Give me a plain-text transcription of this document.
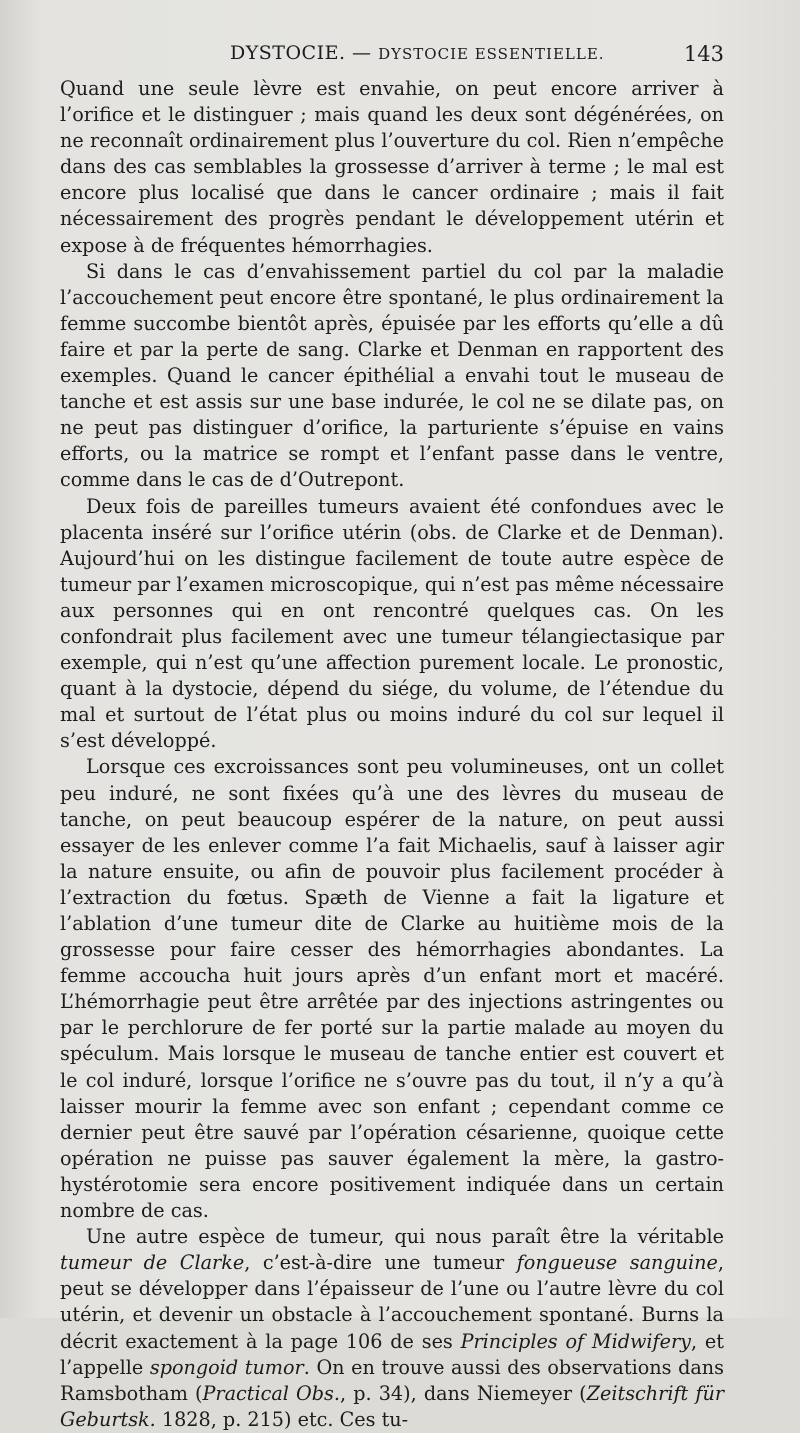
DYSTOCIE. — DYSTOCIE ESSENTIELLE.	143

Quand une seule lèvre est envahie, on peut encore arriver à l’orifice et le distinguer ; mais quand les deux sont dégénérées, on ne reconnaît ordinairement plus l’ouverture du col. Rien n’empêche dans des cas semblables la grossesse d’arriver à terme ; le mal est encore plus localisé que dans le cancer ordinaire ; mais il fait nécessairement des progrès pendant le développement utérin et expose à de fréquentes hémorrhagies.

Si dans le cas d’envahissement partiel du col par la maladie l’accouchement peut encore être spontané, le plus ordinairement la femme succombe bientôt après, épuisée par les efforts qu’elle a dû faire et par la perte de sang. Clarke et Denman en rapportent des exemples. Quand le cancer épithélial a envahi tout le museau de tanche et est assis sur une base indurée, le col ne se dilate pas, on ne peut pas distinguer d’orifice, la parturiente s’épuise en vains efforts, ou la matrice se rompt et l’enfant passe dans le ventre, comme dans le cas de d’Outrepont.

Deux fois de pareilles tumeurs avaient été confondues avec le placenta inséré sur l’orifice utérin (obs. de Clarke et de Denman). Aujourd’hui on les distingue facilement de toute autre espèce de tumeur par l’examen microscopique, qui n’est pas même nécessaire aux personnes qui en ont rencontré quelques cas. On les confondrait plus facilement avec une tumeur télangiectasique par exemple, qui n’est qu’une affection purement locale. Le pronostic, quant à la dystocie, dépend du siége, du volume, de l’étendue du mal et surtout de l’état plus ou moins induré du col sur lequel il s’est développé.

Lorsque ces excroissances sont peu volumineuses, ont un collet peu induré, ne sont fixées qu’à une des lèvres du museau de tanche, on peut beaucoup espérer de la nature, on peut aussi essayer de les enlever comme l’a fait Michaelis, sauf à laisser agir la nature ensuite, ou afin de pouvoir plus facilement procéder à l’extraction du fœtus. Spæth de Vienne a fait la ligature et l’ablation d’une tumeur dite de Clarke au huitième mois de la grossesse pour faire cesser des hémorrhagies abondantes. La femme accoucha huit jours après d’un enfant mort et macéré. L’hémorrhagie peut être arrêtée par des injections astringentes ou par le perchlorure de fer porté sur la partie malade au moyen du spéculum. Mais lorsque le museau de tanche entier est couvert et le col induré, lorsque l’orifice ne s’ouvre pas du tout, il n’y a qu’à laisser mourir la femme avec son enfant ; cependant comme ce dernier peut être sauvé par l’opération césarienne, quoique cette opération ne puisse pas sauver également la mère, la gastro-hystérotomie sera encore positivement indiquée dans un certain nombre de cas.

Une autre espèce de tumeur, qui nous paraît être la véritable tumeur de Clarke, c’est-à-dire une tumeur fongueuse sanguine, peut se développer dans l’épaisseur de l’une ou l’autre lèvre du col utérin, et devenir un obstacle à l’accouchement spontané. Burns la décrit exactement à la page 106 de ses Principles of Midwifery, et l’appelle spongoid tumor. On en trouve aussi des observations dans Ramsbotham (Practical Obs., p. 34), dans Niemeyer (Zeitschrift für Geburtsk. 1828, p. 215) etc. Ces tu-
